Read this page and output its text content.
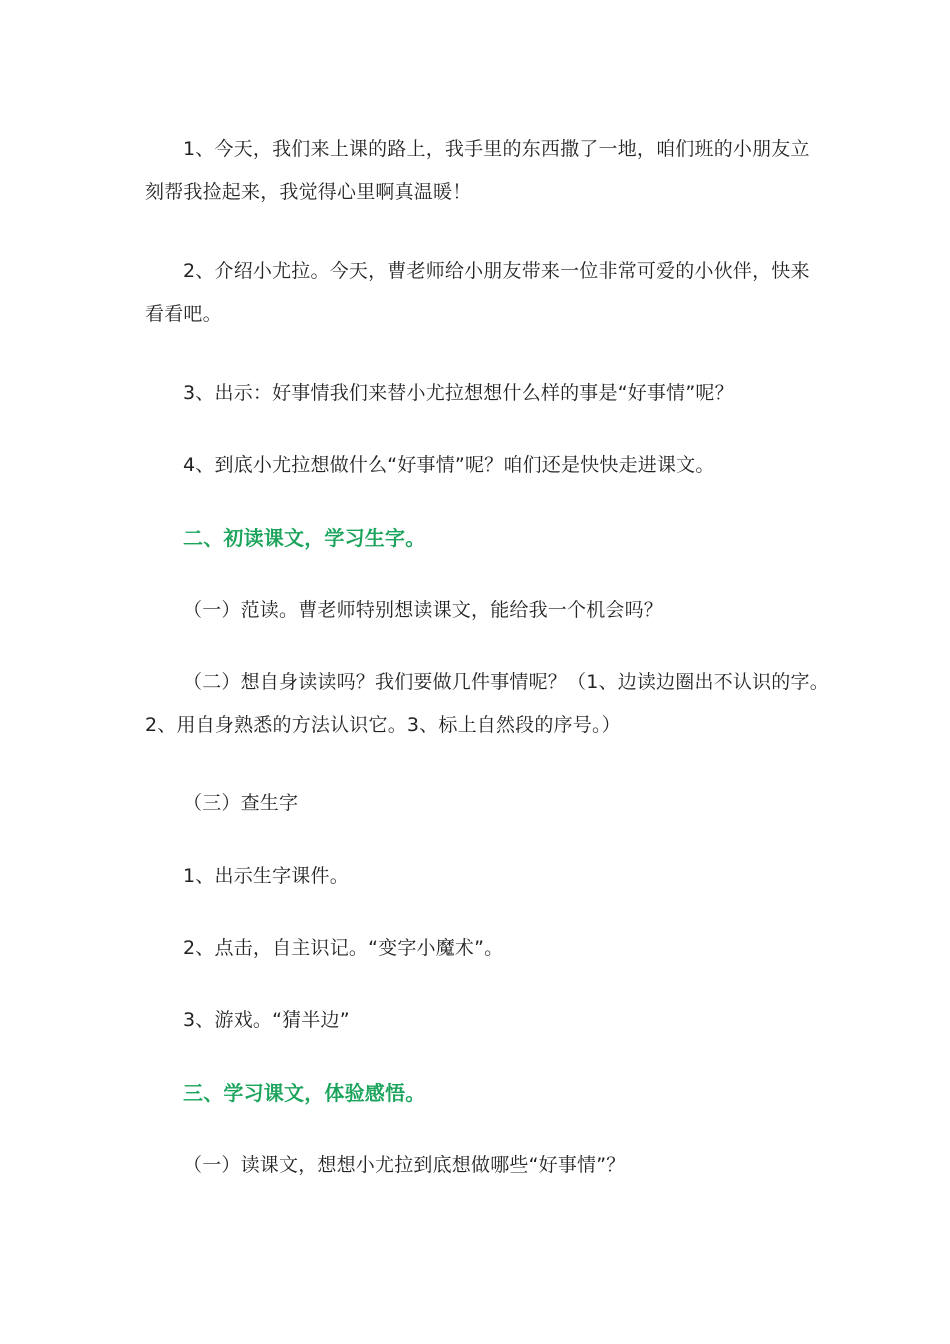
1、今天，我们来上课的路上，我手里的东西撒了一地，咱们班的小朋友立刻帮我捡起来，我觉得心里啊真温暖！

2、介绍小尤拉。今天，曹老师给小朋友带来一位非常可爱的小伙伴，快来看看吧。

3、出示：好事情我们来替小尤拉想想什么样的事是“好事情”呢？

4、到底小尤拉想做什么“好事情”呢？咱们还是快快走进课文。

二、初读课文，学习生字。

（一）范读。曹老师特别想读课文，能给我一个机会吗？

（二）想自身读读吗？我们要做几件事情呢？（1、边读边圈出不认识的字。2、用自身熟悉的方法认识它。3、标上自然段的序号。）

（三）查生字

1、出示生字课件。

2、点击，自主识记。“变字小魔术”。

3、游戏。“猜半边”

三、学习课文，体验感悟。

（一）读课文，想想小尤拉到底想做哪些“好事情”？
